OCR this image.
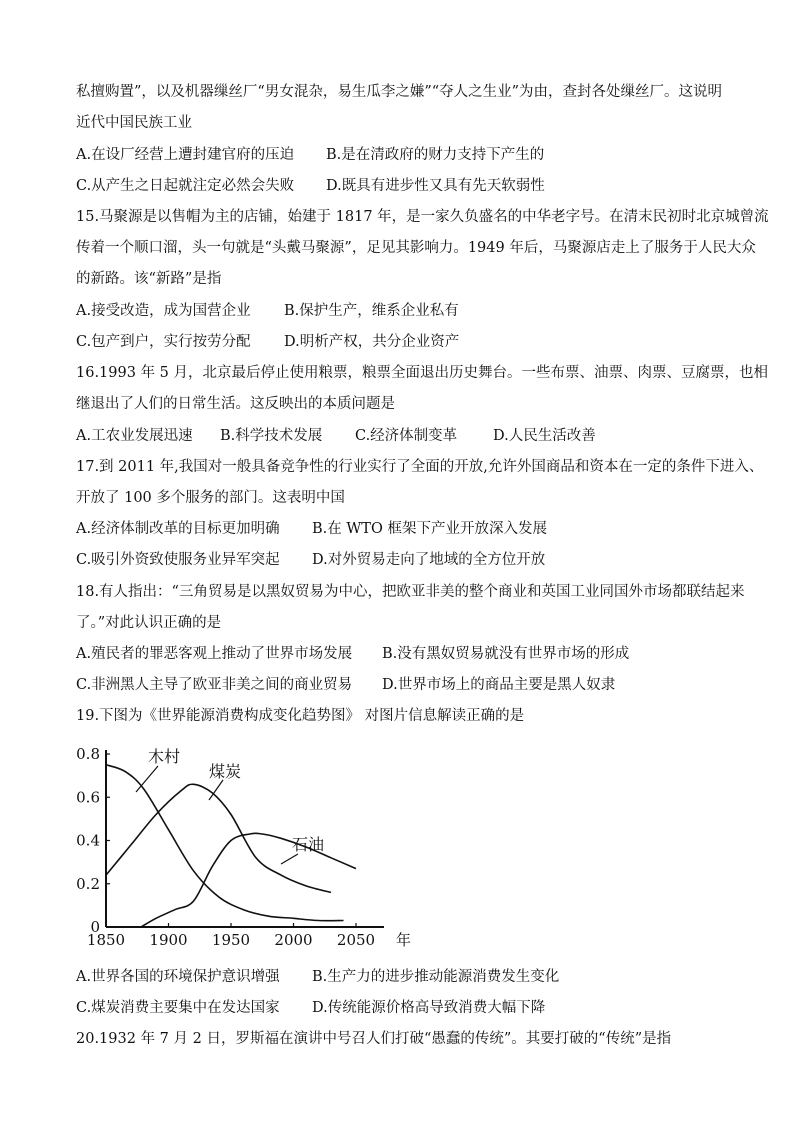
私擅购置”，以及机器缫丝厂“男女混杂，易生瓜李之嫌”“夺人之生业”为由，查封各处缫丝厂。这说明
近代中国民族工业
A.在设厂经营上遭封建官府的压迫 B.是在清政府的财力支持下产生的
C.从产生之日起就注定必然会失败 D.既具有进步性又具有先天软弱性
15.马聚源是以售帽为主的店铺，始建于 1817 年，是一家久负盛名的中华老字号。在清末民初时北京城曾流
传着一个顺口溜，头一句就是“头戴马聚源”，足见其影响力。1949 年后，马聚源店走上了服务于人民大众
的新路。该“新路”是指
A.接受改造，成为国营企业 B.保护生产，维系企业私有
C.包产到户，实行按劳分配 D.明析产权，共分企业资产
16.1993 年 5 月，北京最后停止使用粮票，粮票全面退出历史舞台。一些布票、油票、肉票、豆腐票，也相
继退出了人们的日常生活。这反映出的本质问题是
A.工农业发展迅速 B.科学技术发展 C.经济体制变革 D.人民生活改善
17.到 2011 年,我国对一般具备竞争性的行业实行了全面的开放,允许外国商品和资本在一定的条件下进入、
开放了 100 多个服务的部门。这表明中国
A.经济体制改革的目标更加明确 B.在 WTO 框架下产业开放深入发展
C.吸引外资致使服务业异军突起 D.对外贸易走向了地域的全方位开放
18.有人指出：“三角贸易是以黑奴贸易为中心，把欧亚非美的整个商业和英国工业同国外市场都联结起来
了。”对此认识正确的是
A.殖民者的罪恶客观上推动了世界市场发展 B.没有黑奴贸易就没有世界市场的形成
C.非洲黑人主导了欧亚非美之间的商业贸易 D.世界市场上的商品主要是黑人奴隶
19.下图为《世界能源消费构成变化趋势图》 对图片信息解读正确的是
1850 1900 1950 2000 2050 年
0
0.2
0.4
0.6
0.8	木村
煤炭
石油
A.世界各国的环境保护意识增强 B.生产力的进步推动能源消费发生变化
C.煤炭消费主要集中在发达国家 D.传统能源价格高导致消费大幅下降
20.1932 年 7 月 2 日，罗斯福在演讲中号召人们打破“愚蠢的传统”。其要打破的“传统”是指
